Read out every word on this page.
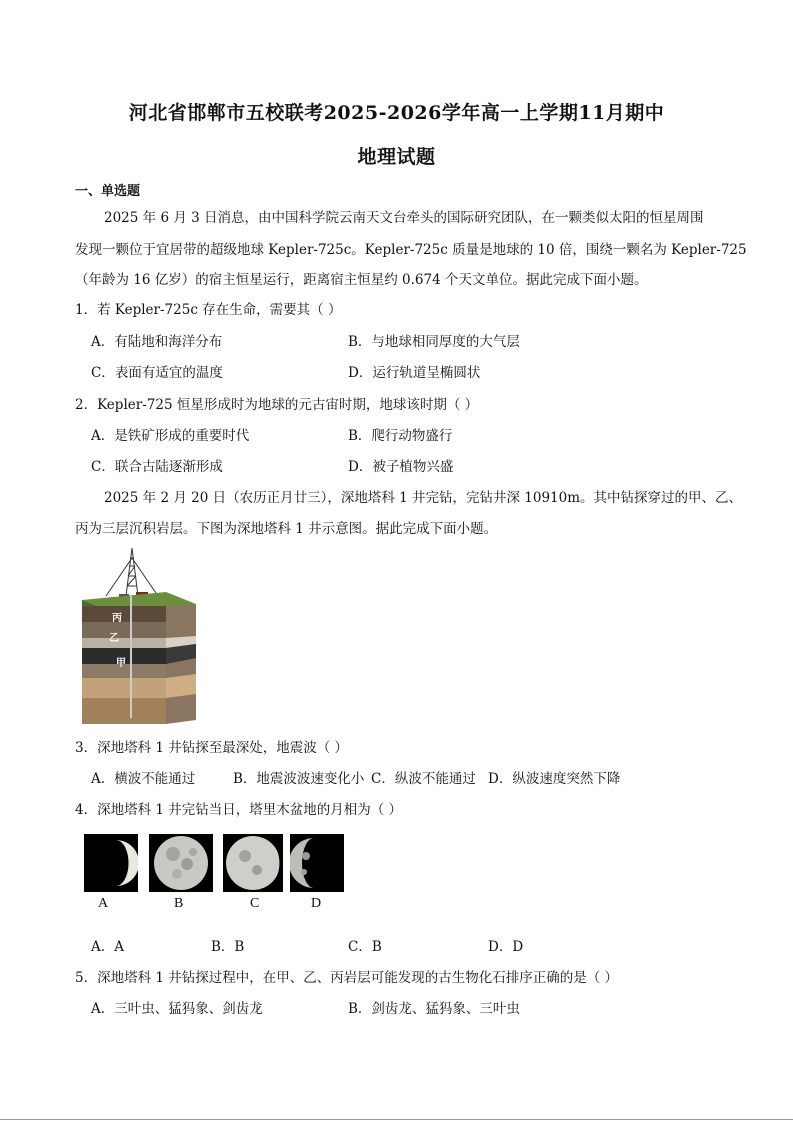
河北省邯郸市五校联考2025-2026学年高一上学期11月期中
地理试题
一、单选题
2025 年 6 月 3 日消息，由中国科学院云南天文台牵头的国际研究团队，在一颗类似太阳的恒星周围
发现一颗位于宜居带的超级地球 Kepler-725c。Kepler-725c 质量是地球的 10 倍，围绕一颗名为 Kepler-725
（年龄为 16 亿岁）的宿主恒星运行，距离宿主恒星约 0.674 个天文单位。据此完成下面小题。
1．若 Kepler-725c 存在生命，需要其（ ）
A．有陆地和海洋分布	B．与地球相同厚度的大气层
C．表面有适宜的温度	D．运行轨道呈椭圆状
2．Kepler-725 恒星形成时为地球的元古宙时期，地球该时期（ ）
A．是铁矿形成的重要时代	B．爬行动物盛行
C．联合古陆逐渐形成	D．被子植物兴盛
2025 年 2 月 20 日（农历正月廿三），深地塔科 1 井完钻，完钻井深 10910m。其中钻探穿过的甲、乙、
丙为三层沉积岩层。下图为深地塔科 1 井示意图。据此完成下面小题。
丙
乙
甲
3．深地塔科 1 井钻探至最深处，地震波（ ）
A．横波不能通过	B．地震波波速变化小 C．纵波不能通过 D．纵波速度突然下降
4．深地塔科 1 井完钻当日，塔里木盆地的月相为（ ）
A	B	C	D
A．A	B．B	C．B	D．D
5．深地塔科 1 井钻探过程中，在甲、乙、丙岩层可能发现的古生物化石排序正确的是（ ）
A．三叶虫、猛犸象、剑齿龙	B．剑齿龙、猛犸象、三叶虫
